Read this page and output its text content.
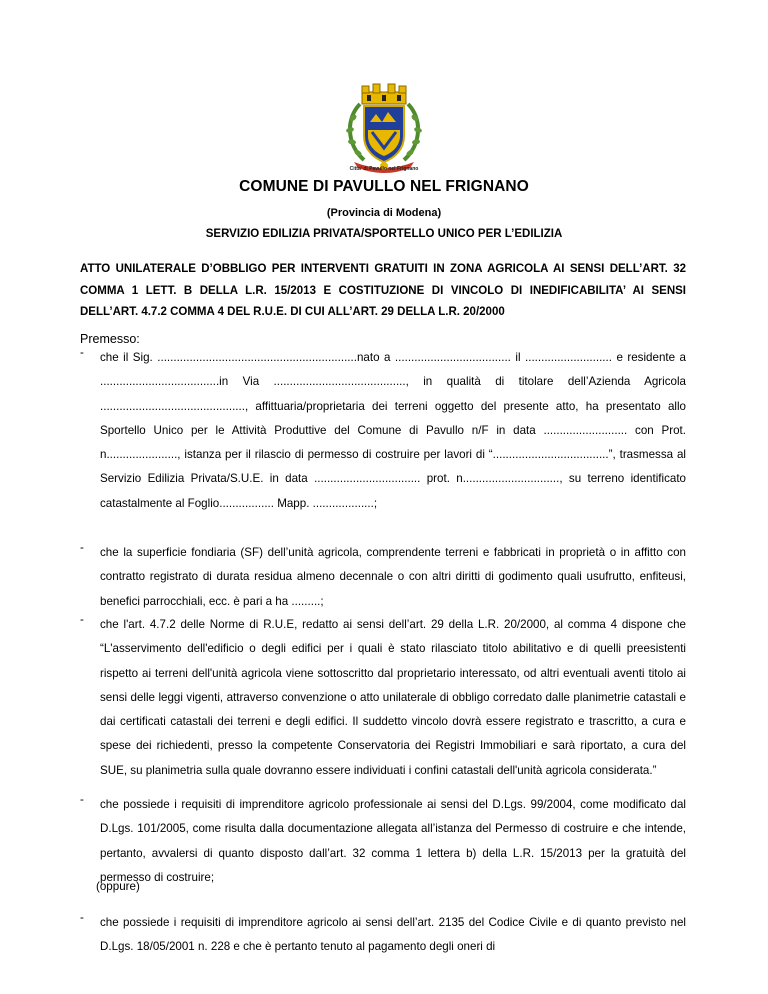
Citta' di Pavullo nel Frignano
COMUNE DI PAVULLO NEL FRIGNANO
(Provincia di Modena)
SERVIZIO EDILIZIA PRIVATA/SPORTELLO UNICO PER L’EDILIZIA
ATTO UNILATERALE D’OBBLIGO PER INTERVENTI GRATUITI IN ZONA AGRICOLA AI SENSI DELL’ART. 32 COMMA 1 LETT. B DELLA L.R. 15/2013 E COSTITUZIONE DI VINCOLO DI INEDIFICABILITA’ AI SENSI DELL’ART. 4.7.2 COMMA 4 DEL R.U.E. DI CUI ALL’ART. 29 DELLA L.R. 20/2000
Premesso:
- che il Sig. ..............................................................nato a .................................... il ........................... e residente a .....................................in Via ........................................., in qualità di titolare dell’Azienda Agricola ............................................., affittuaria/proprietaria dei terreni oggetto del presente atto, ha presentato allo Sportello Unico per le Attività Produttive del Comune di Pavullo n/F in data .......................... con Prot. n......................, istanza per il rilascio di permesso di costruire per lavori di “....................................”, trasmessa al Servizio Edilizia Privata/S.U.E. in data ................................. prot. n.............................., su terreno identificato catastalmente al Foglio................. Mapp. ...................;
- che la superficie fondiaria (SF) dell’unità agricola, comprendente terreni e fabbricati in proprietà o in affitto con contratto registrato di durata residua almeno decennale o con altri diritti di godimento quali usufrutto, enfiteusi, benefici parrocchiali, ecc. è pari a ha .........;
- che l'art. 4.7.2 delle Norme di R.U.E, redatto ai sensi dell’art. 29 della L.R. 20/2000, al comma 4 dispone che “L'asservimento dell'edificio o degli edifici per i quali è stato rilasciato titolo abilitativo e di quelli preesistenti rispetto ai terreni dell'unità agricola viene sottoscritto dal proprietario interessato, od altri eventuali aventi titolo ai sensi delle leggi vigenti, attraverso convenzione o atto unilaterale di obbligo corredato dalle planimetrie catastali e dai certificati catastali dei terreni e degli edifici. Il suddetto vincolo dovrà essere registrato e trascritto, a cura e spese dei richiedenti, presso la competente Conservatoria dei Registri Immobiliari e sarà riportato, a cura del SUE, su planimetria sulla quale dovranno essere individuati i confini catastali dell'unità agricola considerata.”
- che possiede i requisiti di imprenditore agricolo professionale ai sensi del D.Lgs. 99/2004, come modificato dal D.Lgs. 101/2005, come risulta dalla documentazione allegata all’istanza del Permesso di costruire e che intende, pertanto, avvalersi di quanto disposto dall’art. 32 comma 1 lettera b) della L.R. 15/2013 per la gratuità del permesso di costruire;
(oppure)
- che possiede i requisiti di imprenditore agricolo ai sensi dell’art. 2135 del Codice Civile e di quanto previsto nel D.Lgs. 18/05/2001 n. 228 e che è pertanto tenuto al pagamento degli oneri di
